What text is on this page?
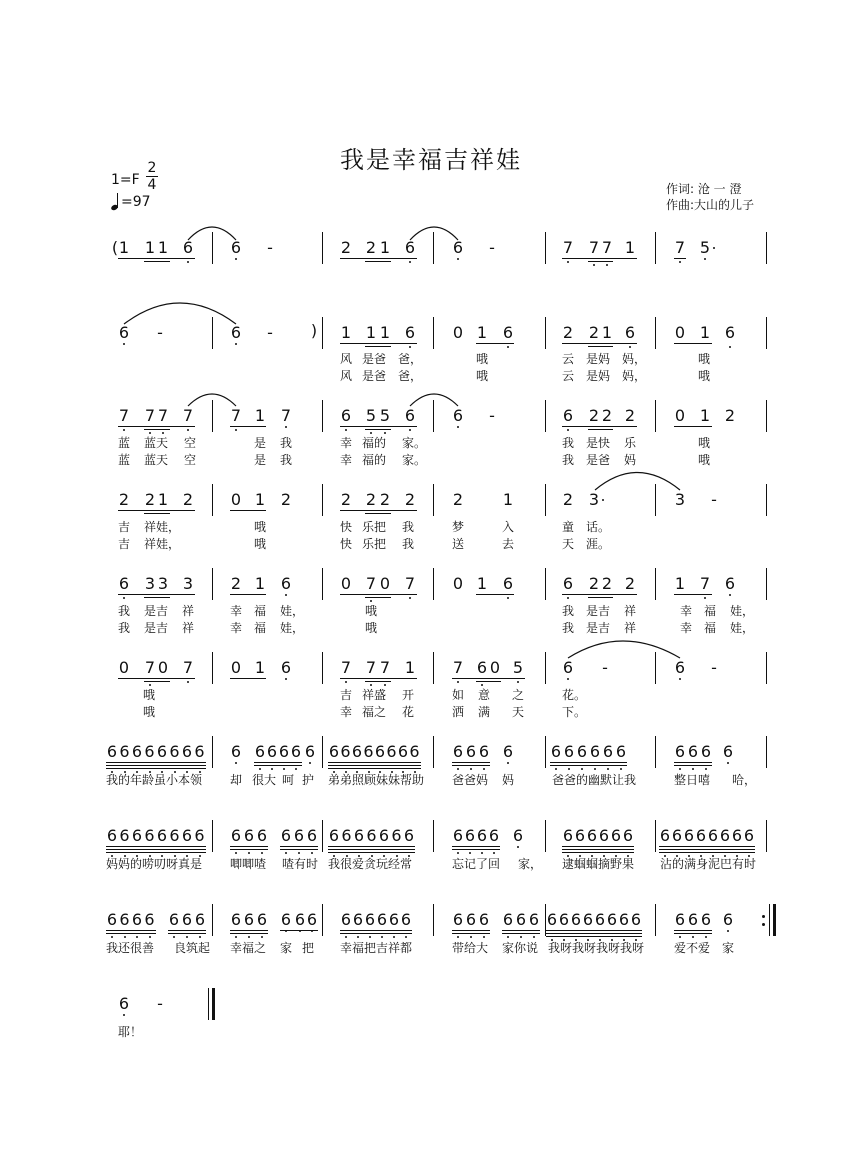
我是幸福吉祥娃
1=F
2
4
=97
作词: 沧 一 澄
作曲:大山的儿子
(
)
1 1 1 6 6 -	2 2 1 6 6 -	7 7 7 1 7 5
6 -	6 -	1 1 1 6 0 1 6	2 2 1 6 0 1 6
7 7 7 7 7 1 7	6 5 5 6 6 -	6 2 2 2 0 1 2
2 2 1 2 0 1 2	2 2 2 2 2 1	2 3	3 -
6 3 3 3 2 1 6	0 7 0 7 0 1 6	6 2 2 2 1 7 6
0 7 0 7 0 1 6	7 7 7 1 7 6 0 5 6 -	6 -
6 6 6 6 6 6 6 6 6 6 6 6 6 6 6 6 6 6 6 6 6 6 6 6 6 6 6 6 6 6 6	6 6 6 6
6
6 6 6 6 6 6 6 6 6 6 6 6 6 6 6 6 6 6 6 6 6 6 6 6 6 6 6 6 6 6 6 6 6 6 6 6 6 6 6 6
6 6 6 6 6 6 6 6 6 6 6 6 6 6 6 6 6 6 6	6 6 6 6 6 6 6 6 6 6 6 6 6 6 6 6 6 6
6 -
风 是爸 爸，	哦	云 是妈 妈，	哦
风 是爸 爸，	哦	云 是妈 妈，	哦
蓝 蓝天 空	是 我	幸 福的 家。	我 是快 乐	哦
蓝 蓝天 空	是 我	幸 福的 家。	我 是爸 妈	哦
吉 祥娃，	哦	快 乐把 我	梦	入	童 话。
吉 祥娃，	哦	快 乐把 我	送	去	天 涯。
我 是吉 祥	幸 福 娃，	哦	我 是吉 祥	幸 福 娃，
我 是吉 祥	幸 福 娃，	哦	我 是吉 祥	幸 福 娃，
哦	吉 祥盛 开	如 意 之	花。
哦	幸 福之 花	洒 满 天	下。
我的年龄虽小本领 却 很大 呵 护 弟弟照顾妹妹帮助 爸爸妈 妈	爸爸的幽默让我	整日嘻 哈，
妈妈的唠叨呀真是 唧唧喳 喳有时 我很爱贪玩经常	忘记了回 家， 逮蝈蝈摘野果 沾的满身泥巴有时
我还很善 良筑起 幸福之 家 把 幸福把吉祥都	带给大 家你说 我呀我呀我呀我呀 爱不爱 家
耶！
